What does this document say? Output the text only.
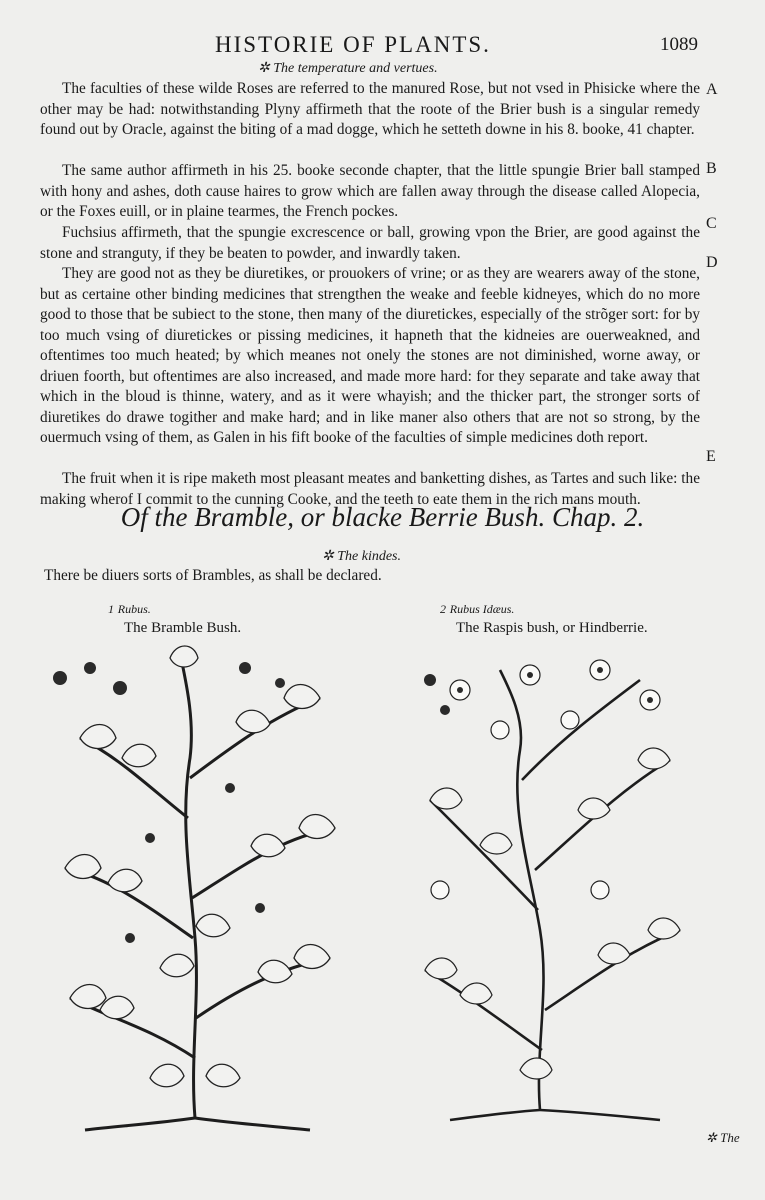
HISTORIE OF PLANTS.	1089
✲ The temperature and vertues.

The faculties of these wilde Roses are referred to the manured Rose, but not vsed in Phisicke where the other may be had: notwithstanding Plyny affirmeth that the roote of the Brier bush is a singular remedy found out by Oracle, against the biting of a mad dogge, which he setteth downe in his 8. booke, 41 chapter.

The same author affirmeth in his 25. booke seconde chapter, that the little spungie Brier ball stamped with hony and ashes, doth cause haires to grow which are fallen away through the disease called Alopecia, or the Foxes euill, or in plaine tearmes, the French pockes.

Fuchsius affirmeth, that the spungie excrescence or ball, growing vpon the Brier, are good against the stone and stranguty, if they be beaten to powder, and inwardly taken.

They are good not as they be diuretikes, or prouokers of vrine; or as they are wearers away of the stone, but as certaine other binding medicines that strengthen the weake and feeble kidneyes, which do no more good to those that be subiect to the stone, then many of the diuretickes, especially of the strõger sort: for by too much vsing of diuretickes or pissing medicines, it hapneth that the kidneies are ouerweakned, and oftentimes too much heated; by which meanes not onely the stones are not diminished, worne away, or driuen foorth, but oftentimes are also increased, and made more hard: for they separate and take away that which in the bloud is thinne, watery, and as it were whayish; and the thicker part, the stronger sorts of diuretikes do drawe togither and make hard; and in like maner also others that are not so strong, by the ouermuch vsing of them, as Galen in his fift booke of the faculties of simple medicines doth report.

The fruit when it is ripe maketh most pleasant meates and banketting dishes, as Tartes and such like: the making wherof I commit to the cunning Cooke, and the teeth to eate them in the rich mans mouth.

A
B
C
D
E
Of the Bramble, or blacke Berrie Bush. Chap. 2.
✲ The kindes.
There be diuers sorts of Brambles, as shall be declared.
1 Rubus.
The Bramble Bush.
2 Rubus Idæus.
The Raspis bush, or Hindberrie.
✲ The
